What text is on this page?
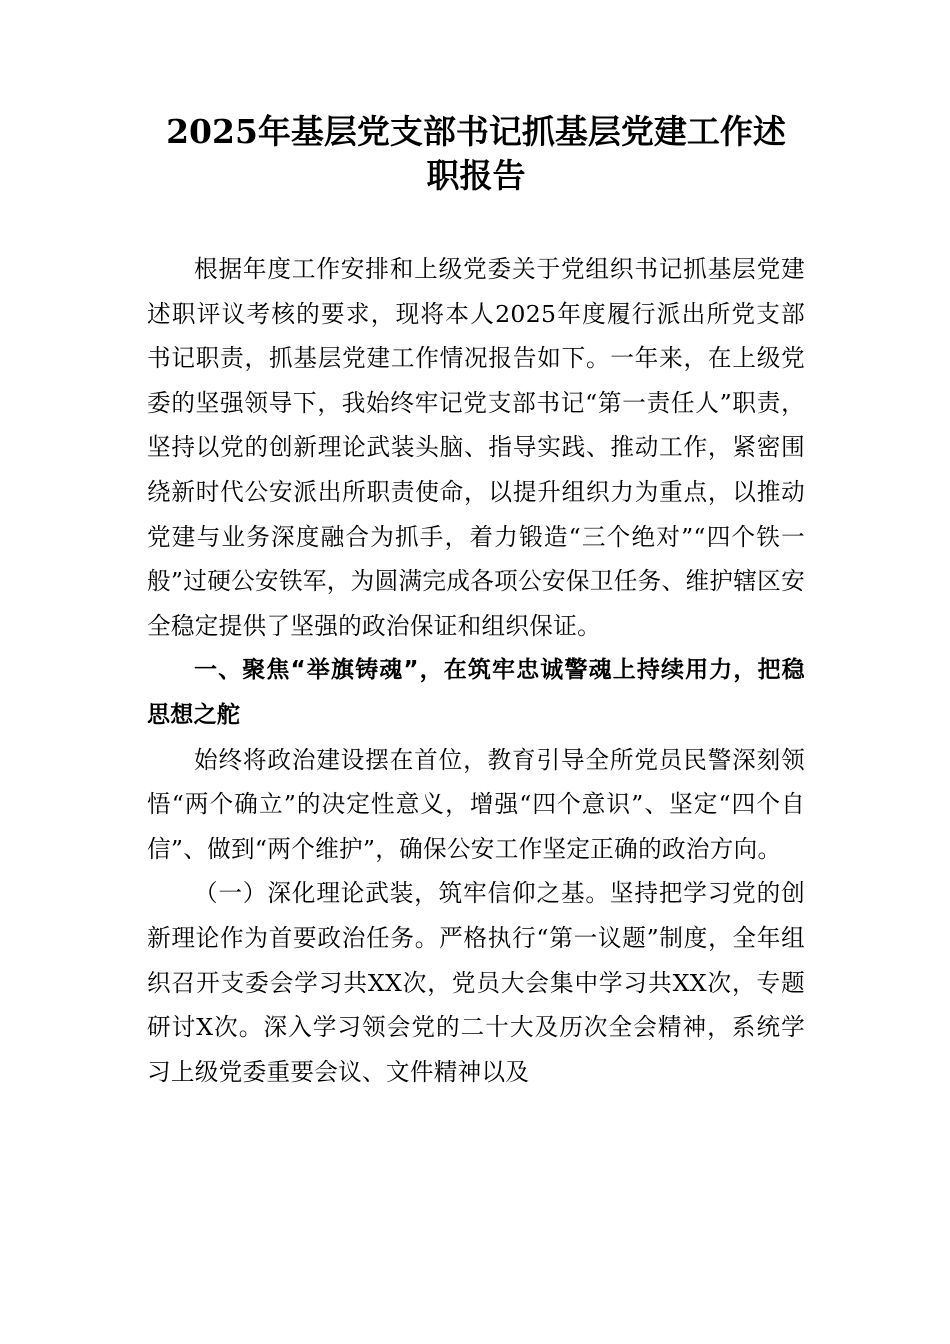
2025年基层党支部书记抓基层党建工作述
职报告

根据年度工作安排和上级党委关于党组织书记抓基层党建述职评议考核的要求，现将本人2025年度履行派出所党支部书记职责，抓基层党建工作情况报告如下。一年来，在上级党委的坚强领导下，我始终牢记党支部书记“第一责任人”职责，坚持以党的创新理论武装头脑、指导实践、推动工作，紧密围绕新时代公安派出所职责使命，以提升组织力为重点，以推动党建与业务深度融合为抓手，着力锻造“三个绝对”“四个铁一般”过硬公安铁军，为圆满完成各项公安保卫任务、维护辖区安全稳定提供了坚强的政治保证和组织保证。

一、聚焦“举旗铸魂”，在筑牢忠诚警魂上持续用力，把稳思想之舵

始终将政治建设摆在首位，教育引导全所党员民警深刻领悟“两个确立”的决定性意义，增强“四个意识”、坚定“四个自信”、做到“两个维护”，确保公安工作坚定正确的政治方向。

（一）深化理论武装，筑牢信仰之基。坚持把学习党的创新理论作为首要政治任务。严格执行“第一议题”制度，全年组织召开支委会学习共XX次，党员大会集中学习共XX次，专题研讨X次。深入学习领会党的二十大及历次全会精神，系统学习上级党委重要会议、文件精神以及
